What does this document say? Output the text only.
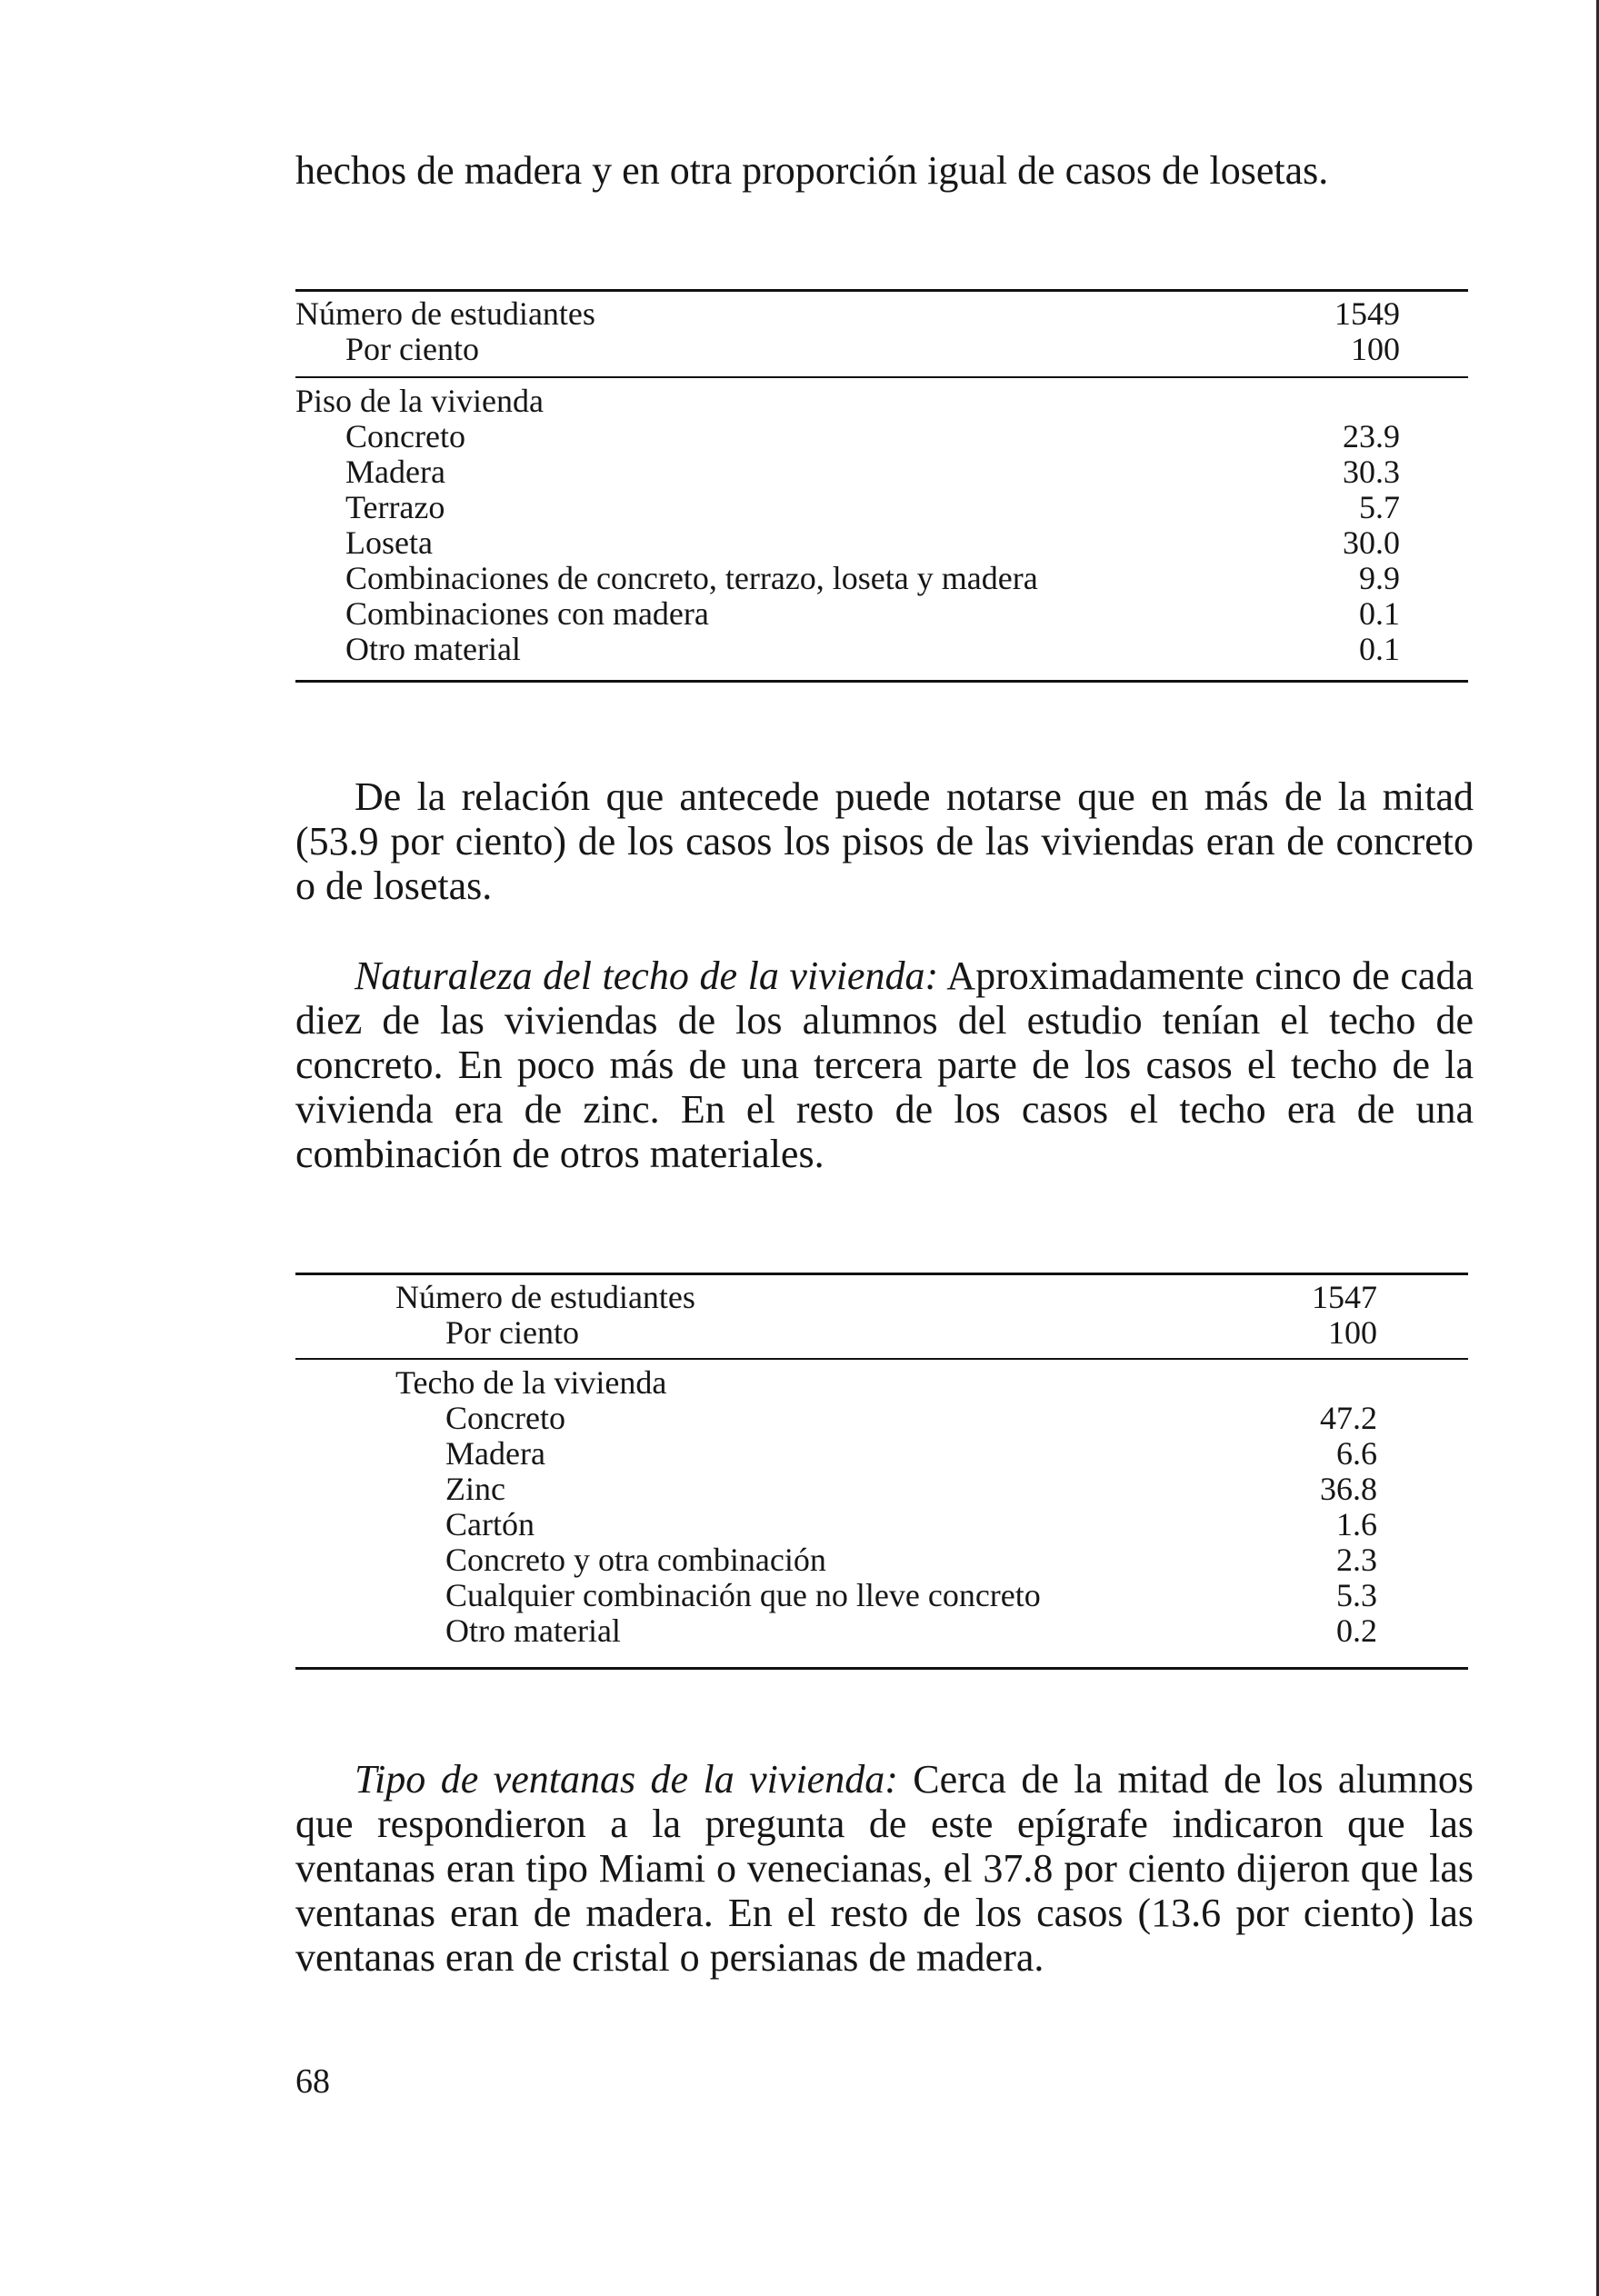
hechos de madera y en otra proporción igual de casos de losetas.

Número de estudiantes	1549
Por ciento	100
Piso de la vivienda
Concreto	23.9
Madera	30.3
Terrazo	5.7
Loseta	30.0
Combinaciones de concreto, terrazo, loseta y madera	9.9
Combinaciones con madera	0.1
Otro material	0.1

De la relación que antecede puede notarse que en más de la mitad (53.9 por ciento) de los casos los pisos de las viviendas eran de concreto o de losetas.

Naturaleza del techo de la vivienda: Aproximadamente cinco de cada diez de las viviendas de los alumnos del estudio tenían el techo de concreto. En poco más de una tercera parte de los casos el techo de la vivienda era de zinc. En el resto de los casos el techo era de una combinación de otros materiales.

Número de estudiantes	1547
Por ciento	100
Techo de la vivienda
Concreto	47.2
Madera	6.6
Zinc	36.8
Cartón	1.6
Concreto y otra combinación	2.3
Cualquier combinación que no lleve concreto	5.3
Otro material	0.2

Tipo de ventanas de la vivienda: Cerca de la mitad de los alumnos que respondieron a la pregunta de este epígrafe indicaron que las ventanas eran tipo Miami o venecianas, el 37.8 por ciento dijeron que las ventanas eran de madera. En el resto de los casos (13.6 por ciento) las ventanas eran de cristal o persianas de madera.

68
